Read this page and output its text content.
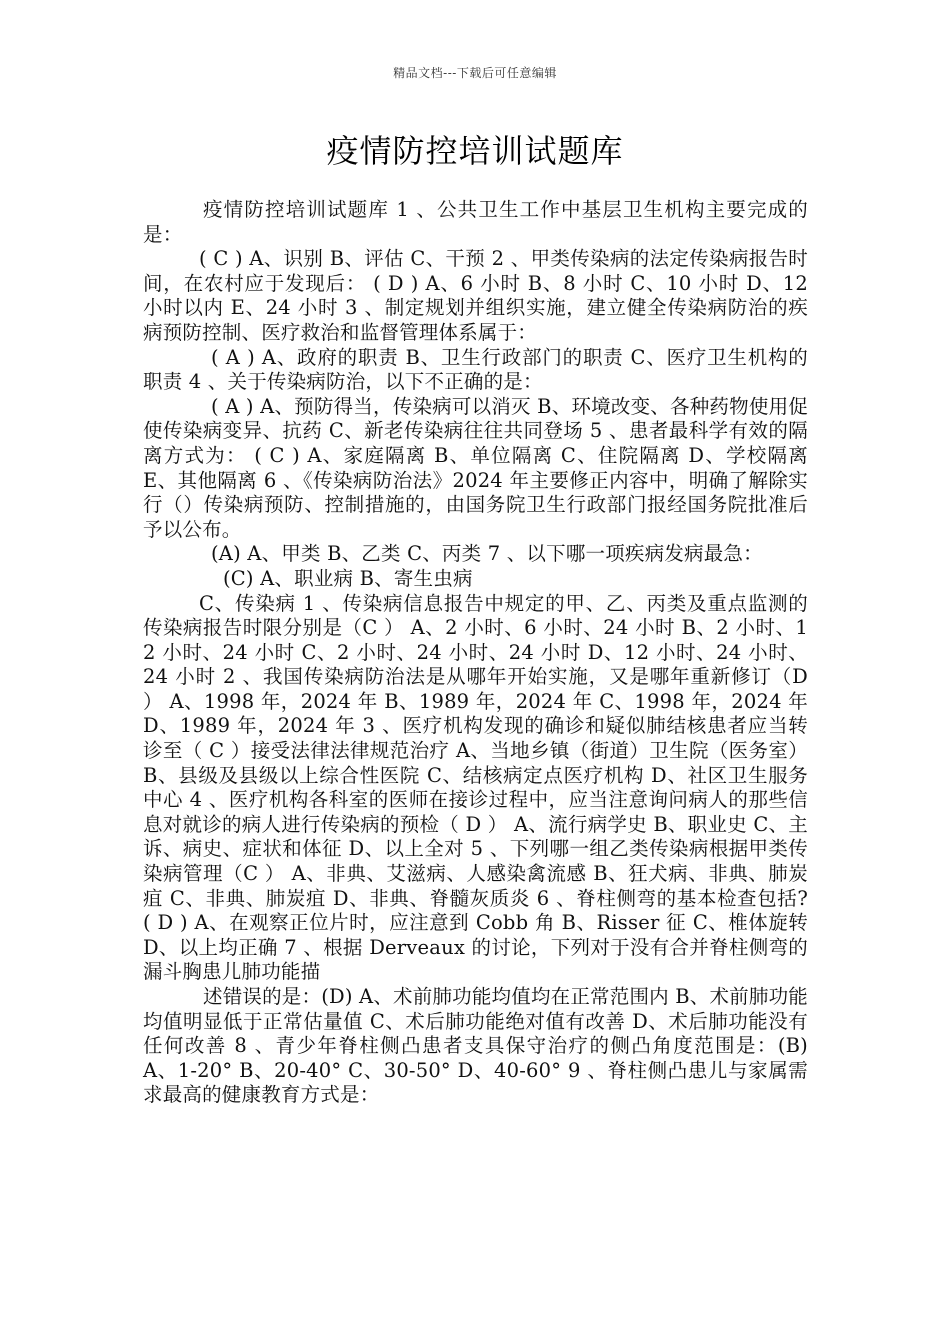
精品文档---下载后可任意编辑
疫情防控培训试题库

疫情防控培训试题库 1 、公共卫生工作中基层卫生机构主要完成的是：

( C ) A、识别 B、评估 C、干预 2 、甲类传染病的法定传染病报告时间，在农村应于发现后： ( D ) A、6 小时 B、8 小时 C、10 小时 D、12 小时以内 E、24 小时 3 、制定规划并组织实施，建立健全传染病防治的疾病预防控制、医疗救治和监督管理体系属于：

( A ) A、政府的职责 B、卫生行政部门的职责 C、医疗卫生机构的职责 4 、关于传染病防治，以下不正确的是：

( A ) A、预防得当，传染病可以消灭 B、环境改变、各种药物使用促使传染病变异、抗药 C、新老传染病往往共同登场 5 、患者最科学有效的隔离方式为： ( C ) A、家庭隔离 B、单位隔离 C、住院隔离 D、学校隔离 E、其他隔离 6 、《传染病防治法》2024 年主要修正内容中，明确了解除实行（）传染病预防、控制措施的，由国务院卫生行政部门报经国务院批准后予以公布。

(A) A、甲类 B、乙类 C、丙类 7 、以下哪一项疾病发病最急：

(C) A、职业病 B、寄生虫病

C、传染病 1 、传染病信息报告中规定的甲、乙、丙类及重点监测的传染病报告时限分别是（C ） A、2 小时、6 小时、24 小时 B、2 小时、12 小时、24 小时 C、2 小时、24 小时、24 小时 D、12 小时、24 小时、24 小时 2 、我国传染病防治法是从哪年开始实施，又是哪年重新修订（D ） A、1998 年，2024 年 B、1989 年，2024 年 C、1998 年，2024 年 D、1989 年，2024 年 3 、医疗机构发现的确诊和疑似肺结核患者应当转诊至（ C ）接受法律法律规范治疗 A、当地乡镇（街道）卫生院（医务室） B、县级及县级以上综合性医院 C、结核病定点医疗机构 D、社区卫生服务中心 4 、医疗机构各科室的医师在接诊过程中，应当注意询问病人的那些信息对就诊的病人进行传染病的预检（ D ） A、流行病学史 B、职业史 C、主诉、病史、症状和体征 D、以上全对 5 、下列哪一组乙类传染病根据甲类传染病管理（C ） A、非典、艾滋病、人感染禽流感 B、狂犬病、非典、肺炭疽 C、非典、肺炭疽 D、非典、脊髓灰质炎 6 、脊柱侧弯的基本检查包括? ( D ) A、在观察正位片时，应注意到 Cobb 角 B、Risser 征 C、椎体旋转 D、以上均正确 7 、根据 Derveaux 的讨论，下列对于没有合并脊柱侧弯的漏斗胸患儿肺功能描

述错误的是：(D) A、术前肺功能均值均在正常范围内 B、术前肺功能均值明显低于正常估量值 C、术后肺功能绝对值有改善 D、术后肺功能没有任何改善 8 、青少年脊柱侧凸患者支具保守治疗的侧凸角度范围是：(B) A、1-20° B、20-40° C、30-50° D、40-60° 9 、脊柱侧凸患儿与家属需求最高的健康教育方式是：
